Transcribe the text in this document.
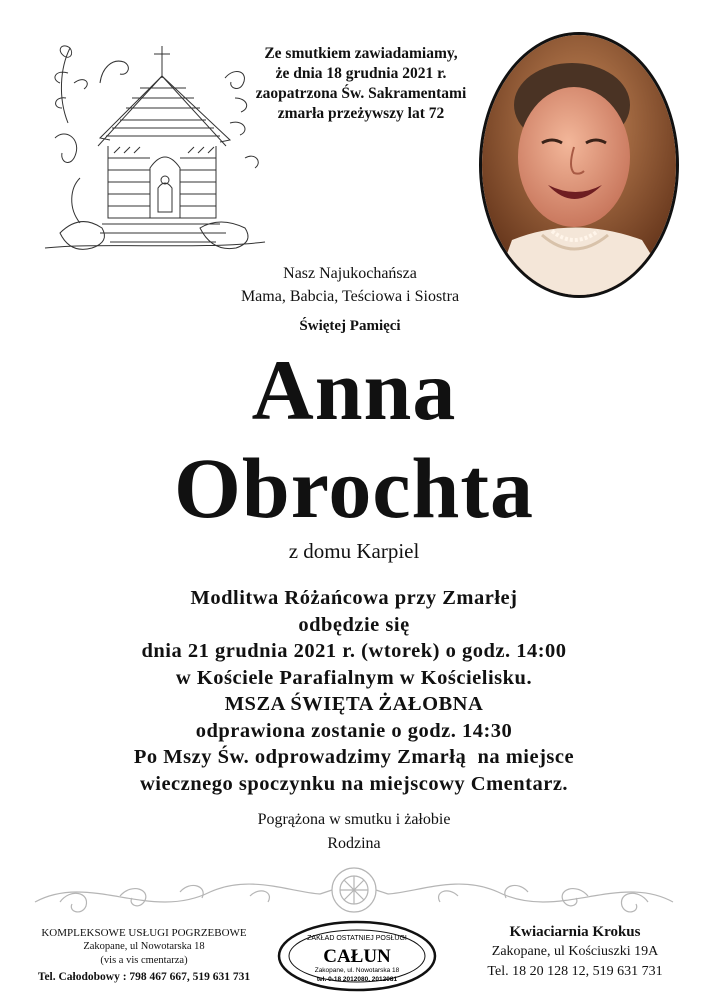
Ze smutkiem zawiadamiamy,
że dnia 18 grudnia 2021 r.
zaopatrzona Św. Sakramentami
zmarła przeżywszy lat 72
Nasz Najukochańsza
Mama, Babcia, Teściowa i Siostra
Świętej Pamięci
Anna
Obrochta
z domu Karpiel
Modlitwa Różańcowa przy Zmarłej
odbędzie się
dnia 21 grudnia 2021 r. (wtorek) o godz. 14:00
w Kościele Parafialnym w Kościelisku.
MSZA ŚWIĘTA ŻAŁOBNA
odprawiona zostanie o godz. 14:30
Po Mszy Św. odprowadzimy Zmarłą  na miejsce
wiecznego spoczynku na miejscowy Cmentarz.
Pogrążona w smutku i żałobie
Rodzina
KOMPLEKSOWE USŁUGI POGRZEBOWE
Zakopane, ul Nowotarska 18
(vis a vis cmentarza)
Tel. Całodobowy : 798 467 667, 519 631 731
ZAKŁAD OSTATNIEJ POSŁUGI
CAŁUN
Zakopane, ul. Nowotarska 18
tel. 0-18 2012080, 2012081
Kwiaciarnia Krokus
Zakopane, ul Kościuszki 19A
Tel. 18 20 128 12, 519 631 731
